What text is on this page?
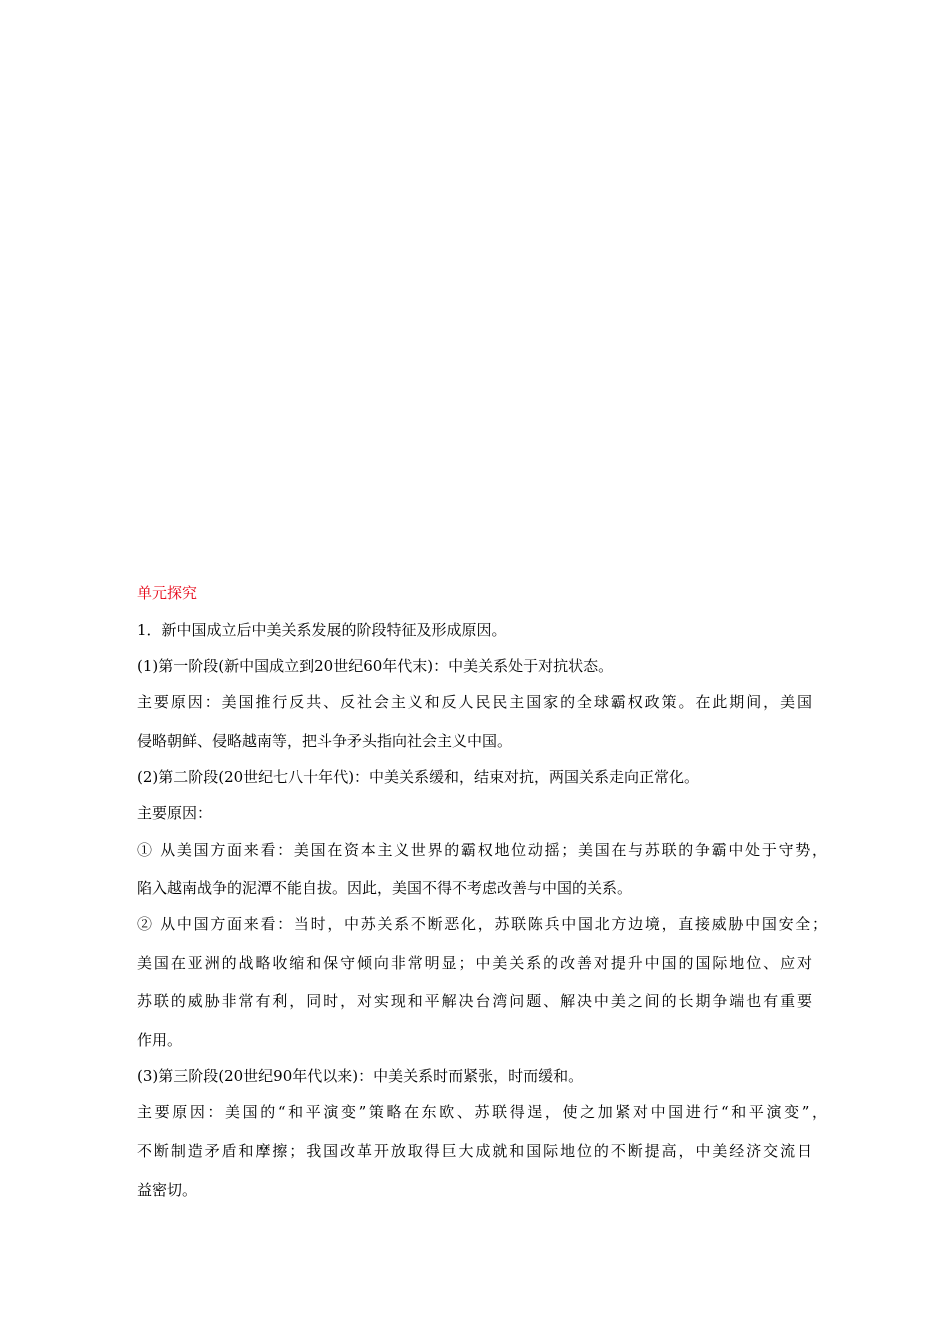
单元探究

1．新中国成立后中美关系发展的阶段特征及形成原因。

(1)第一阶段(新中国成立到20世纪60年代末)：中美关系处于对抗状态。

主要原因：美国推行反共、反社会主义和反人民民主国家的全球霸权政策。在此期间，美国

侵略朝鲜、侵略越南等，把斗争矛头指向社会主义中国。

(2)第二阶段(20世纪七八十年代)：中美关系缓和，结束对抗，两国关系走向正常化。

主要原因：

① 从美国方面来看：美国在资本主义世界的霸权地位动摇；美国在与苏联的争霸中处于守势，

陷入越南战争的泥潭不能自拔。因此，美国不得不考虑改善与中国的关系。

② 从中国方面来看：当时，中苏关系不断恶化，苏联陈兵中国北方边境，直接威胁中国安全；

美国在亚洲的战略收缩和保守倾向非常明显；中美关系的改善对提升中国的国际地位、应对

苏联的威胁非常有利，同时，对实现和平解决台湾问题、解决中美之间的长期争端也有重要

作用。

(3)第三阶段(20世纪90年代以来)：中美关系时而紧张，时而缓和。

主要原因：美国的“和平演变”策略在东欧、苏联得逞，使之加紧对中国进行“和平演变”，

不断制造矛盾和摩擦；我国改革开放取得巨大成就和国际地位的不断提高，中美经济交流日

益密切。
